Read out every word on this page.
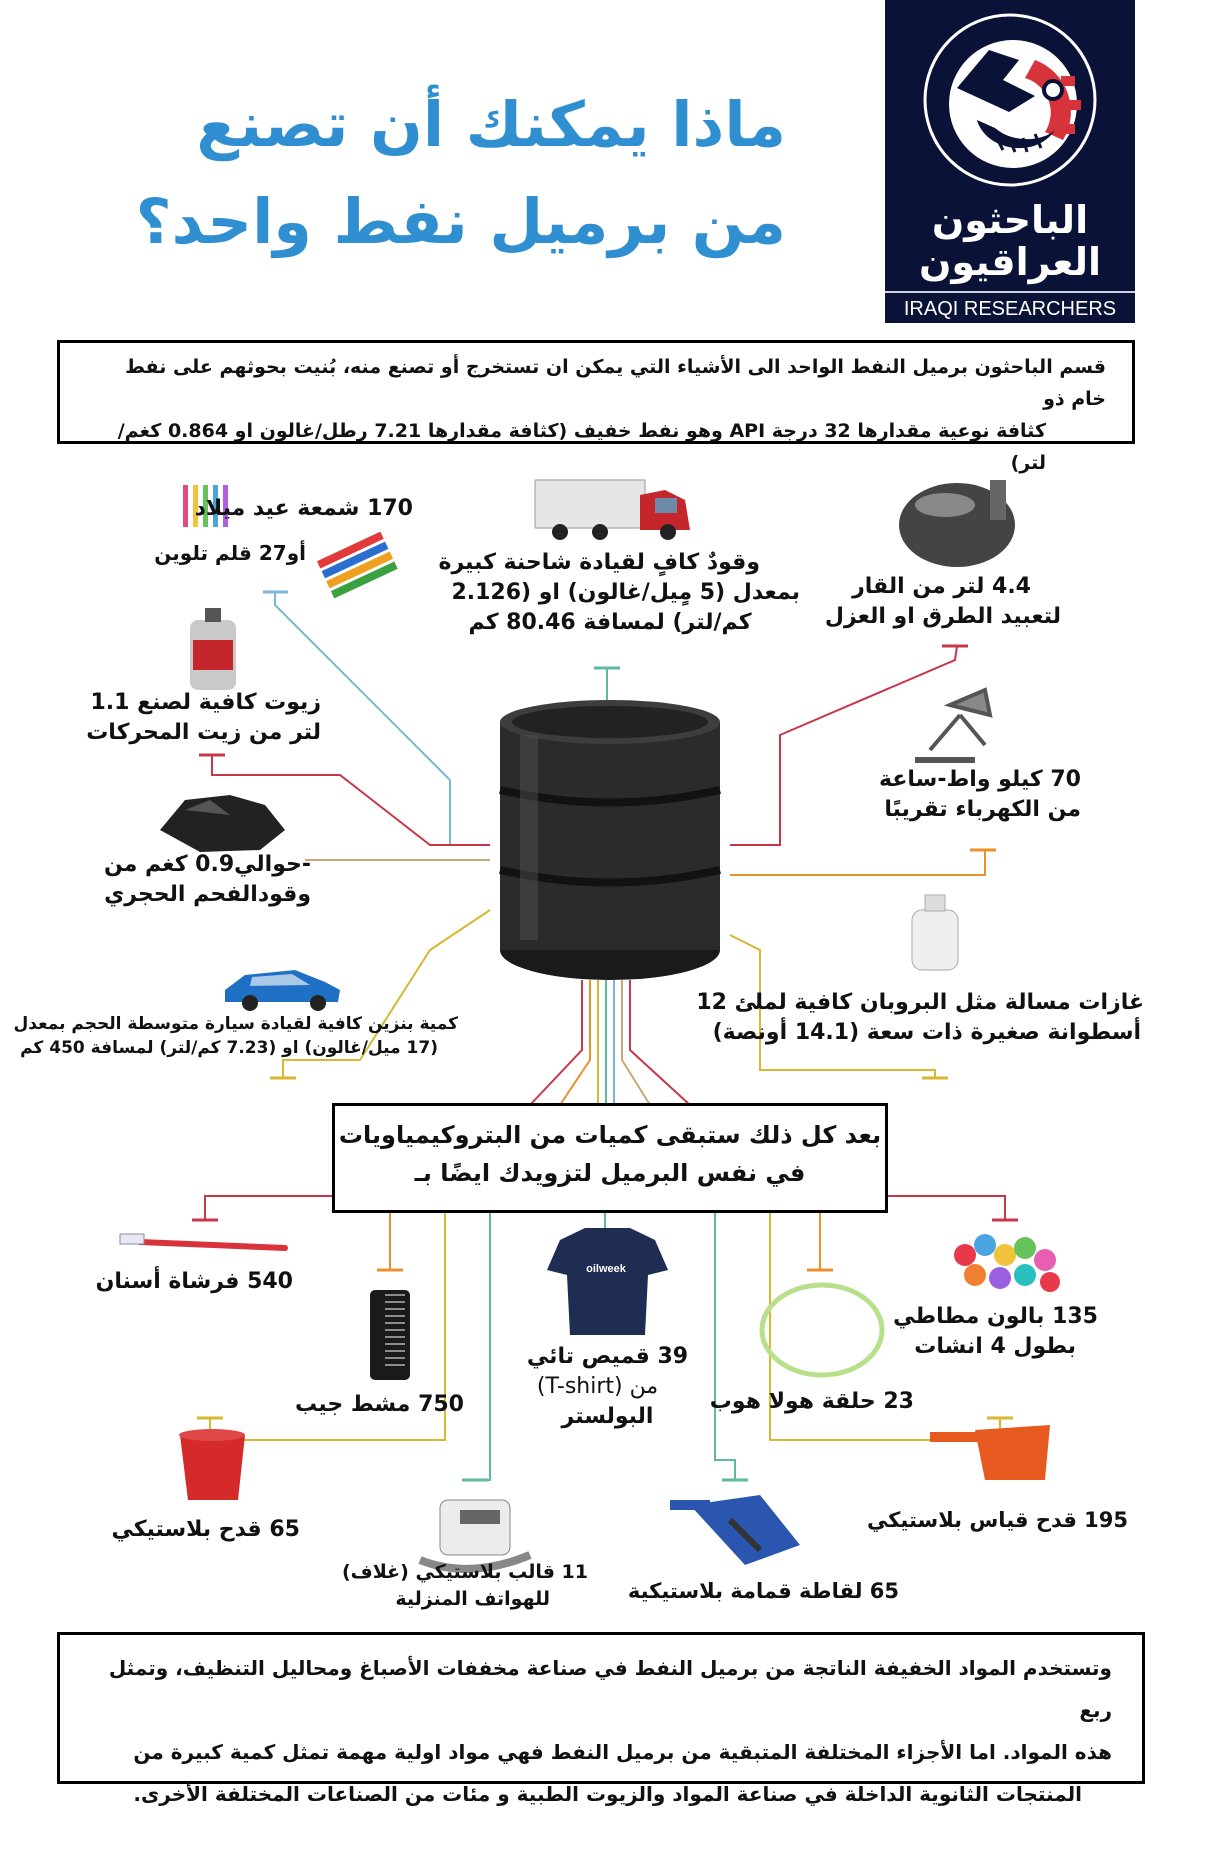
ماذا يمكنك أن تصنع
من برميل نفط واحد؟	الباحثون
العراقيون
IRAQI RESEARCHERS
قسم الباحثون برميل النفط الواحد الى الأشياء التي يمكن ان تستخرج أو تصنع منه، بُنيت بحوثهم على نفط خام ذو
كثافة نوعية مقدارها 32 درجة API وهو نفط خفيف (كثافة مقدارها 7.21 رطل/غالون او 0.864 كغم/لتر)
170 شمعة عيد ميلاد
أو27 قلم تلوين	وقودٌ كافٍ لقيادة شاحنة كبيرة
بمعدل (5 مٍيل/غالون) او (2.126
كم/لتر) لمسافة 80.46 كم
4.4 لتر من القار
لتعبيد الطرق او العزل
زيوت كافية لصنع 1.1
لتر من زيت المحركات
70 كيلو واط-ساعة
من الكهرباء تقريبًا
-حوالي0.9 كغم من
وقودالفحم الحجري
كمية بنزين كافية لقيادة سيارة متوسطة الحجم بمعدل
(17 ميل/غالون) او (7.23 كم/لتر) لمسافة 450 كم
غازات مسالة مثل البروبان كافية لملئ 12
أسطوانة صغيرة ذات سعة (14.1 أونصة)
بعد كل ذلك ستبقى كميات من البتروكيمياويات
في نفس البرميل لتزويدك ايضًا بـ
540 فرشاة أسنان
750 مشط جيب
oilweek
39 قميص تائي
من (T-shirt)
البولستر
23 حلقة هولا هوب
135 بالون مطاطي
بطول 4 انشات
65 قدح بلاستيكي
11 قالب بلاستيكي (غلاف)
للهواتف المنزلية	65 لقاطة قمامة بلاستيكية
195 قدح قياس بلاستيكي
وتستخدم المواد الخفيفة الناتجة من برميل النفط في صناعة مخففات الأصباغ ومحاليل التنظيف، وتمثل ربع
هذه المواد. اما الأجزاء المختلفة المتبقية من برميل النفط فهي مواد اولية مهمة تمثل كمية كبيرة من
المنتجات الثانوية الداخلة في صناعة المواد والزيوت الطبية و مئات من الصناعات المختلفة الأخرى.
